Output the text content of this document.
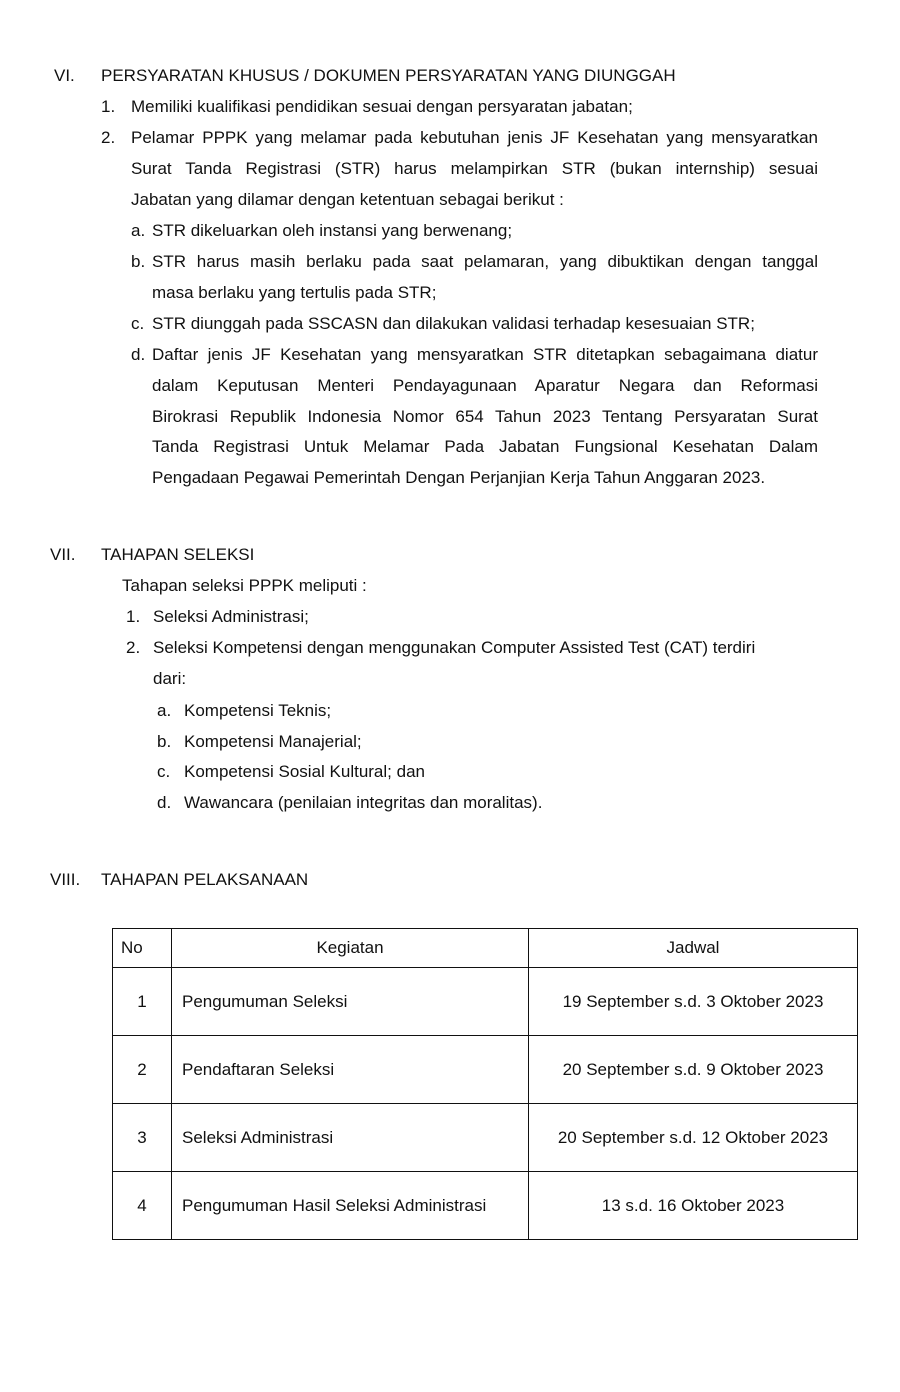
VI. PERSYARATAN KHUSUS / DOKUMEN PERSYARATAN YANG DIUNGGAH
1. Memiliki kualifikasi pendidikan sesuai dengan persyaratan jabatan;
2. Pelamar PPPK yang melamar pada kebutuhan jenis JF Kesehatan yang mensyaratkan
Surat Tanda Registrasi (STR) harus melampirkan STR (bukan internship) sesuai
Jabatan yang dilamar dengan ketentuan sebagai berikut :
a. STR dikeluarkan oleh instansi yang berwenang;
b. STR harus masih berlaku pada saat pelamaran, yang dibuktikan dengan tanggal
masa berlaku yang tertulis pada STR;
c. STR diunggah pada SSCASN dan dilakukan validasi terhadap kesesuaian STR;
d. Daftar jenis JF Kesehatan yang mensyaratkan STR ditetapkan sebagaimana diatur
dalam Keputusan Menteri Pendayagunaan Aparatur Negara dan Reformasi
Birokrasi Republik Indonesia Nomor 654 Tahun 2023 Tentang Persyaratan Surat
Tanda Registrasi Untuk Melamar Pada Jabatan Fungsional Kesehatan Dalam
Pengadaan Pegawai Pemerintah Dengan Perjanjian Kerja Tahun Anggaran 2023.
VII. TAHAPAN SELEKSI
Tahapan seleksi PPPK meliputi :
1. Seleksi Administrasi;
2. Seleksi Kompetensi dengan menggunakan Computer Assisted Test (CAT) terdiri
dari:
a. Kompetensi Teknis;
b. Kompetensi Manajerial;
c. Kompetensi Sosial Kultural; dan
d. Wawancara (penilaian integritas dan moralitas).
VIII. TAHAPAN PELAKSANAAN
No	Kegiatan	Jadwal
1	Pengumuman Seleksi	19 September s.d. 3 Oktober 2023
2	Pendaftaran Seleksi	20 September s.d. 9 Oktober 2023
3	Seleksi Administrasi	20 September s.d. 12 Oktober 2023
4	Pengumuman Hasil Seleksi Administrasi	13 s.d. 16 Oktober 2023
